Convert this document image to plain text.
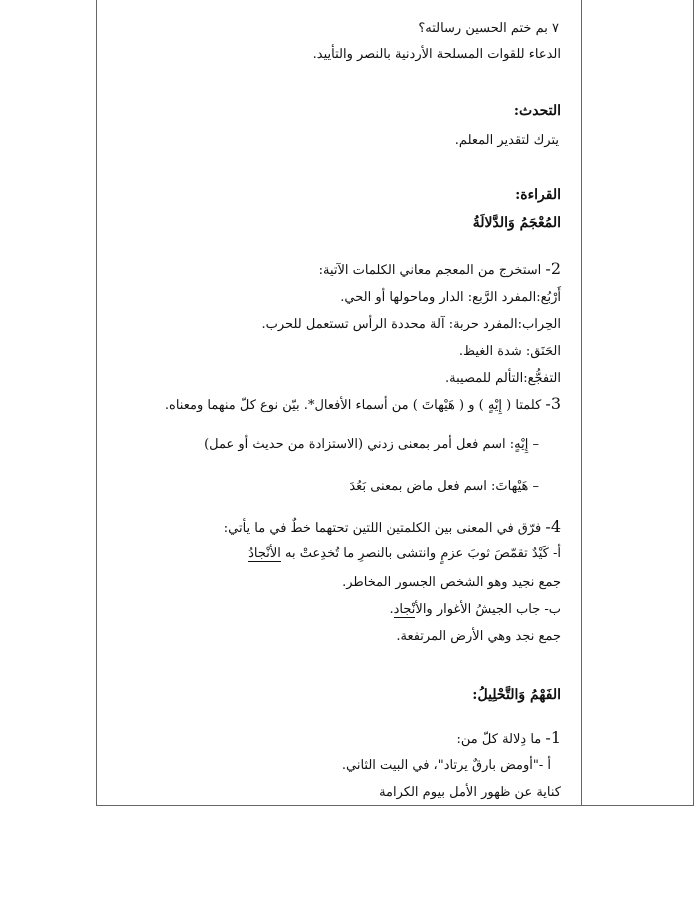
٧ بم ختم الحسين رسالته؟
الدعاء للقوات المسلحة الأردنية بالنصر والتأييد.
التحدث:
يترك لتقدير المعلم.
القراءة:
المُعْجَمُ وَالدَّلالَةُ
2- استخرج من المعجم معاني الكلمات الآتية:
أَرْبُع:المفرد الرَّبع: الدار وماحولها أو الحي.
الحِراب:المفرد حربة: آلة محددة الرأس تستعمل للحرب.
الحَنَق: شدة الغيظ.
التفجُّع:التألم للمصيبة.
3- كلمتا ( إِيْهٍ ) و ( هَيْهاتَ ) من أسماء الأفعال*. بيّن نوع كلّ منهما ومعناه.
– إِيْهٍ: اسم فعل أمر بمعنى زدني (الاستزادة من حديث أو عمل)
– هَيْهاتَ: اسم فعل ماض بمعنى بَعُدَ
4- فرّق في المعنى بين الكلمتين اللتين تحتهما خطٌ في ما يأتي:
أ- كَيْدٌ تقمّصَ ثوبَ عزمٍ وانتشى بالنصرِ ما تُخدِعتْ به الأنْجادُ
جمع نجيد وهو الشخص الجسور المخاطر.
ب- جاب الجيشُ الأغوار والأنْجاد.
جمع نجد وهي الأرض المرتفعة.
الفَهْمُ وَالتَّحْلِيلُ:
1- ما دِلالة كلّ من:
أ -"أومض بارقٌ يرتاد"، في البيت الثاني.
كناية عن ظهور الأمل بيوم الكرامة
